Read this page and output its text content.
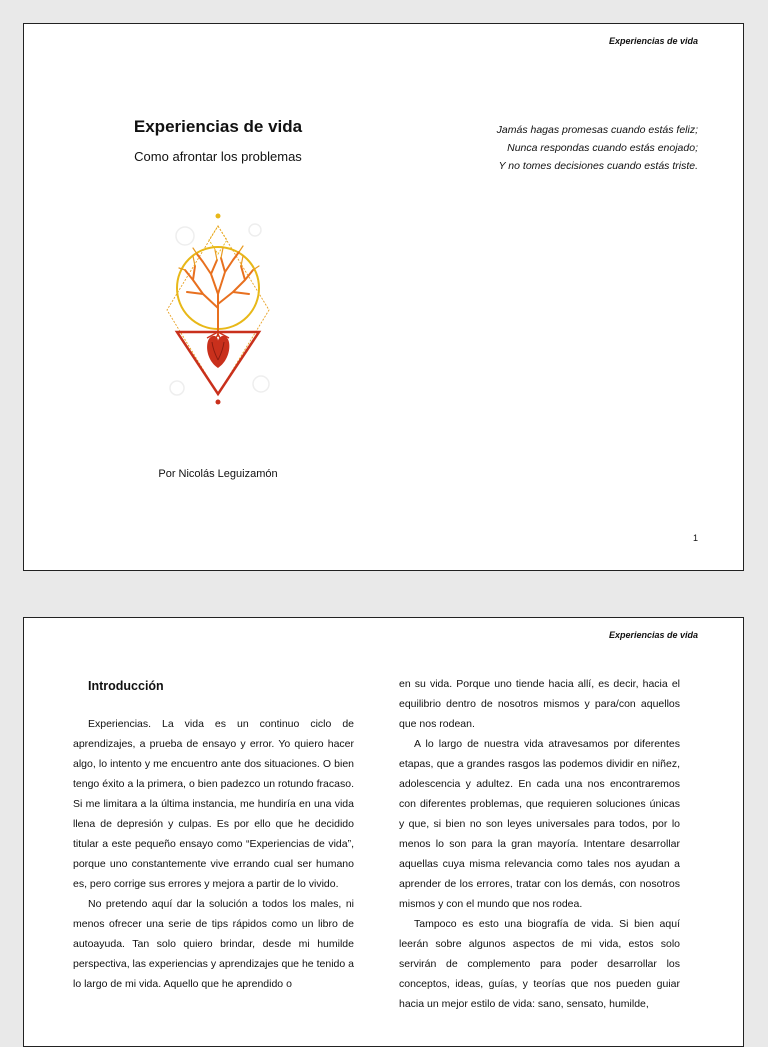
Experiencias de vida
Experiencias de vida
Como afrontar los problemas
Por Nicolás Leguizamón
Jamás hagas promesas cuando estás feliz;
Nunca respondas cuando estás enojado;
Y no tomes decisiones cuando estás triste.
1
Experiencias de vida
Introducción

Experiencias. La vida es un continuo ciclo de aprendizajes, a prueba de ensayo y error. Yo quiero hacer algo, lo intento y me encuentro ante dos situaciones. O bien tengo éxito a la primera, o bien padezco un rotundo fracaso. Si me limitara a la última instancia, me hundiría en una vida llena de depresión y culpas. Es por ello que he decidido titular a este pequeño ensayo como “Experiencias de vida”, porque uno constantemente vive errando cual ser humano es, pero corrige sus errores y mejora a partir de lo vivido.

No pretendo aquí dar la solución a todos los males, ni menos ofrecer una serie de tips rápidos como un libro de autoayuda. Tan solo quiero brindar, desde mi humilde perspectiva, las experiencias y aprendizajes que he tenido a lo largo de mi vida. Aquello que he aprendido o

en su vida. Porque uno tiende hacia allí, es decir, hacia el equilibrio dentro de nosotros mismos y para/con aquellos que nos rodean.

A lo largo de nuestra vida atravesamos por diferentes etapas, que a grandes rasgos las podemos dividir en niñez, adolescencia y adultez. En cada una nos encontraremos con diferentes problemas, que requieren soluciones únicas y que, si bien no son leyes universales para todos, por lo menos lo son para la gran mayoría. Intentare desarrollar aquellas cuya misma relevancia como tales nos ayudan a aprender de los errores, tratar con los demás, con nosotros mismos y con el mundo que nos rodea.

Tampoco es esto una biografía de vida. Si bien aquí leerán sobre algunos aspectos de mi vida, estos solo servirán de complemento para poder desarrollar los conceptos, ideas, guías, y teorías que nos pueden guiar hacia un mejor estilo de vida: sano, sensato, humilde,
